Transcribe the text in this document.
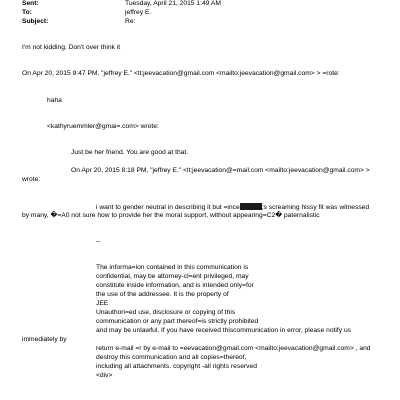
Sent:	Tuesday, April 21, 2015 1:49 AM
To:	jeffrey E.
Subject:	Re:
I'm not kidding. Don't over think it
On Apr 20, 2015 9:47 PM, "jeffrey E." <lt;jeevacation@gmail.com <mailto:jeevacation@gmail.com> > =rote:
haha
<kathyruemmler@gmai=.com> wrote:
Just be her friend. You are good at that.
On Apr 20, 2015 8:18 PM, "jeffrey E." <lt;jeevacation@=mail.com <mailto:jeevacation@gmail.com> >
wrote:
i want to gender neutral in describing it but =ince	;s screaming hissy fit was witnessed
by many, �=A0 not sure how to provide her the moral support, without appearing=C2� paternalistic
--
The informa=ion contained in this communication is
confidential, may be attorney-cl=ent privileged, may
constitute inside information, and is intended only=for
the use of the addressee. It is the property of
JEE
Unauthori=ed use, disclosure or copying of this
communication or any part thereof=is strictly prohibited
and may be unlawful. If you have received thiscommunication in error, please notify us
immediately by
return e-mail =r by e-mail to =eevacation@gmail.com <mailto:jeevacation@gmail.com> , and
destroy this communication and all copies=thereof,
including all attachments. copyright -all rights reserved
<div>
